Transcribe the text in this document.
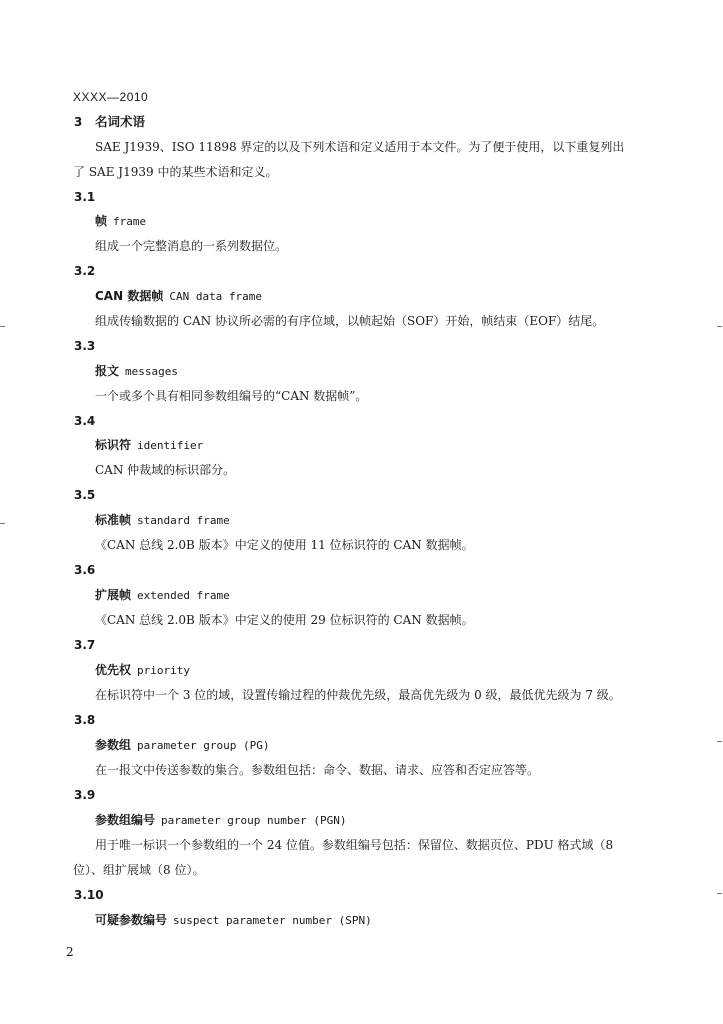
XXXX—2010
3 名词术语
SAE J1939、ISO 11898 界定的以及下列术语和定义适用于本文件。为了便于使用，以下重复列出
了 SAE J1939 中的某些术语和定义。
3.1
帧 frame
组成一个完整消息的一系列数据位。
3.2
CAN 数据帧 CAN data frame
组成传输数据的 CAN 协议所必需的有序位域，以帧起始（SOF）开始，帧结束（EOF）结尾。
3.3
报文 messages
一个或多个具有相同参数组编号的“CAN 数据帧”。
3.4
标识符 identifier
CAN 仲裁域的标识部分。
3.5
标准帧 standard frame
《CAN 总线 2.0B 版本》中定义的使用 11 位标识符的 CAN 数据帧。
3.6
扩展帧 extended frame
《CAN 总线 2.0B 版本》中定义的使用 29 位标识符的 CAN 数据帧。
3.7
优先权 priority
在标识符中一个 3 位的域，设置传输过程的仲裁优先级，最高优先级为 0 级，最低优先级为 7 级。
3.8
参数组 parameter group (PG)
在一报文中传送参数的集合。参数组包括：命令、数据、请求、应答和否定应答等。
3.9
参数组编号 parameter group number (PGN)
用于唯一标识一个参数组的一个 24 位值。参数组编号包括：保留位、数据页位、PDU 格式域（8
位）、组扩展域（8 位）。
3.10
可疑参数编号 suspect parameter number (SPN)
2
